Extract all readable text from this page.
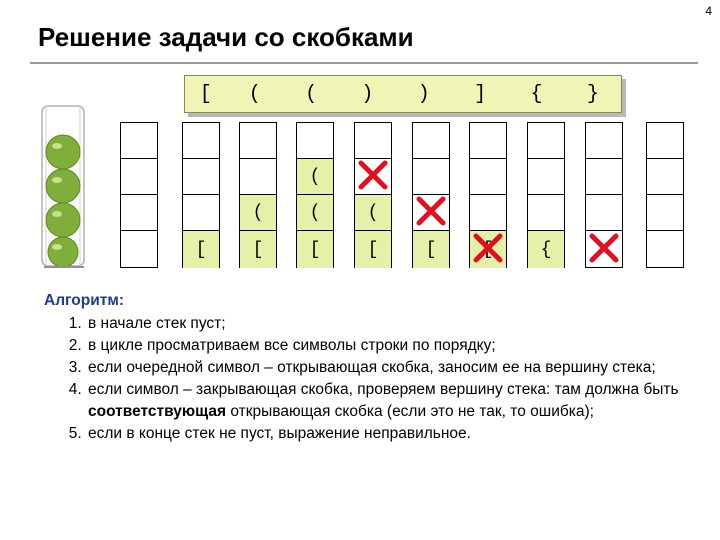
4
Решение задачи со скобками
[	(	(	)	)	]	{	}
[
(
[
(
(
[
(
[	[	{
Алгоритм:
1. в начале стек пуст;
2. в цикле просматриваем все символы строки по порядку;
3. если очередной символ – открывающая скобка, заносим ее на вершину стека;
4. если символ – закрывающая скобка, проверяем вершину стека: там должна быть соответствующая открывающая скобка (если это не так, то ошибка);
5. если в конце стек не пуст, выражение неправильное.
